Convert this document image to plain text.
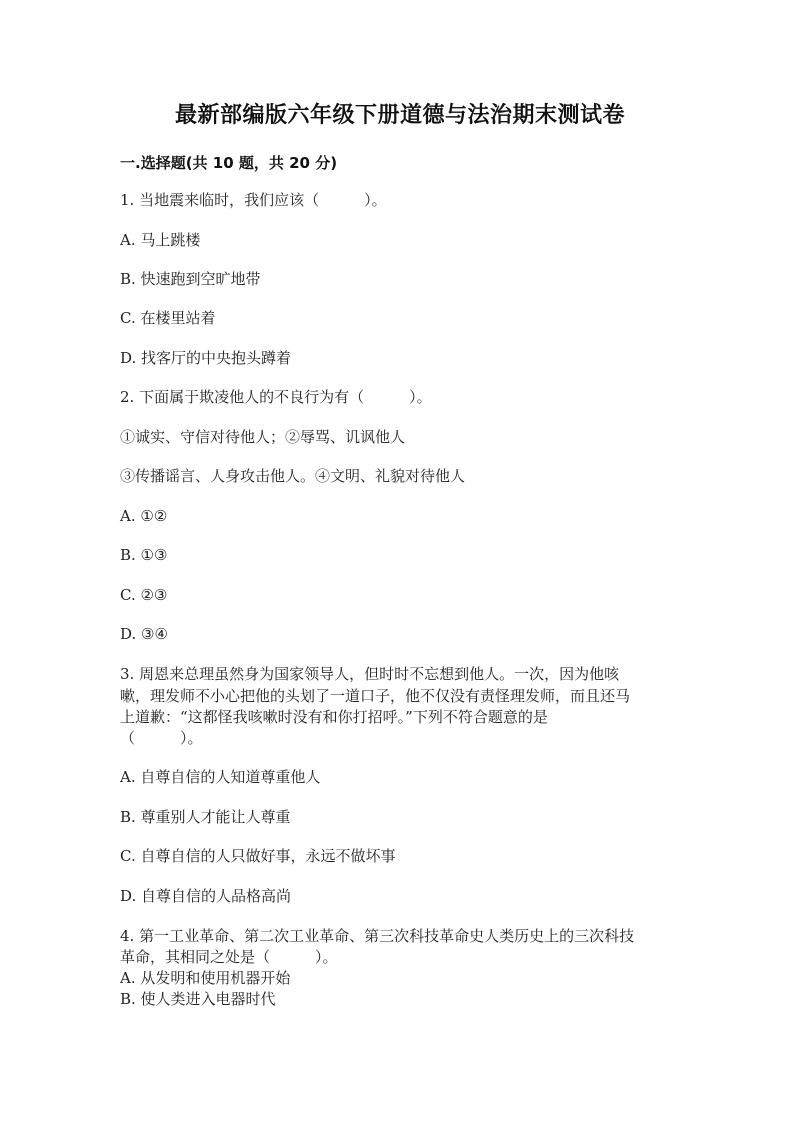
最新部编版六年级下册道德与法治期末测试卷
一.选择题(共 10 题，共 20 分)
1. 当地震来临时，我们应该（　　　）。
A. 马上跳楼
B. 快速跑到空旷地带
C. 在楼里站着
D. 找客厅的中央抱头蹲着
2. 下面属于欺凌他人的不良行为有（　　　）。
①诚实、守信对待他人；②辱骂、讥讽他人
③传播谣言、人身攻击他人。④文明、礼貌对待他人
A. ①②
B. ①③
C. ②③
D. ③④
3. 周恩来总理虽然身为国家领导人，但时时不忘想到他人。一次，因为他咳
嗽，理发师不小心把他的头划了一道口子，他不仅没有责怪理发师，而且还马
上道歉：“这都怪我咳嗽时没有和你打招呼。”下列不符合题意的是
（　　　）。
A. 自尊自信的人知道尊重他人
B. 尊重别人才能让人尊重
C. 自尊自信的人只做好事，永远不做坏事
D. 自尊自信的人品格高尚
4. 第一工业革命、第二次工业革命、第三次科技革命史人类历史上的三次科技
革命，其相同之处是（　　　）。
A. 从发明和使用机器开始
B. 使人类进入电器时代
